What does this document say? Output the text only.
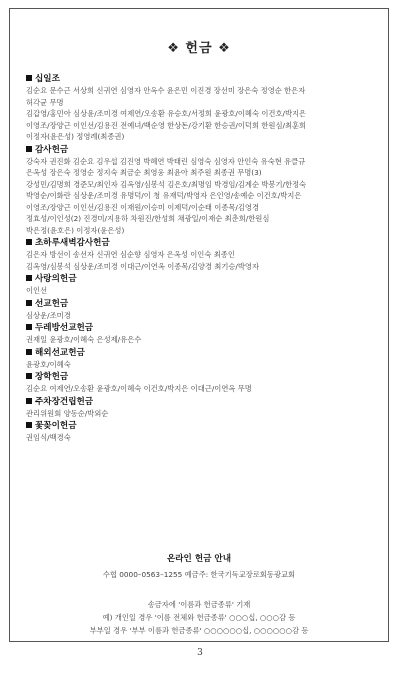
❖ 헌금 ❖
십일조
김순요 문수근 서상희 신귀연 심영자 안옥수 윤은민 이진경 장선미 장은숙 정영순 한은자
허각균 무명
김갑영/홍민아 심상윤/조미경 여제연/오송환 유승호/서정희 윤광호/이혜숙 이건호/박지은
이영조/장양근 이인선/김용진 전예녀/백순영 한상돈/강기환 한승권/이덕희 한원심/최훈희
이정자(윤은성) 정영례(최종권)
감사헌금
강숙자 권진화 김순요 김우섭 김진영 박혜연 박태린 심영숙 심영자 안인숙 유숙현 유클규
은옥성 장은숙 정영순 정지숙 최금순 최영웅 최윤아 최주원 최종권 무명(3)
강성민/김명희 경준모/최인자 김옥영/심봉석 김은호/최명임 박경임/김계순 박봉기/한정숙
박영순/이화란 심상운/조미경 유명덕/이 청 유재덕/박영자 은인영/송예순 이건호/박지은
이영조/장양근 이인선/김용진 이재원/이승미 이제덕/이순태 이종목/김영경
정효성/이인성(2) 진경미/지용하 차원진/한성희 채광일/이재순 최춘희/한원심
박은정(윤호은) 이정자(윤은성)
초하루새벽감사헌금
김은자 방선이 송선자 신귀연 심순향 심영자 은옥성 이인숙 최종인
김옥영/심봉석 심상운/조미경 이대근/이연옥 이종목/김양경 최기승/박영자
사랑의헌금
이인선
선교헌금
심상운/조미경
두레방선교헌금
권재일 윤광호/이혜숙 은성제/유은수
해외선교헌금
윤광호/이혜숙
장학헌금
김순요 여제연/오송환 윤광호/이혜숙 이건호/박지은 이대근/이연옥 무명
주차장건립헌금
관리위원회 양동순/박외순
꽃꽂이헌금
권임식/백경숙
온라인 헌금 안내
수협 0000–0563–1255 예금주: 한국기독교장로회동광교회
송금자에 '이름과 헌금종류' 기재
예) 개인일 경우 '이름 전체와 헌금종류' ○○○십, ○○○감 등
부부일 경우 '부부 이름과 헌금종류' ○○○○○○십, ○○○○○○감 등
3
